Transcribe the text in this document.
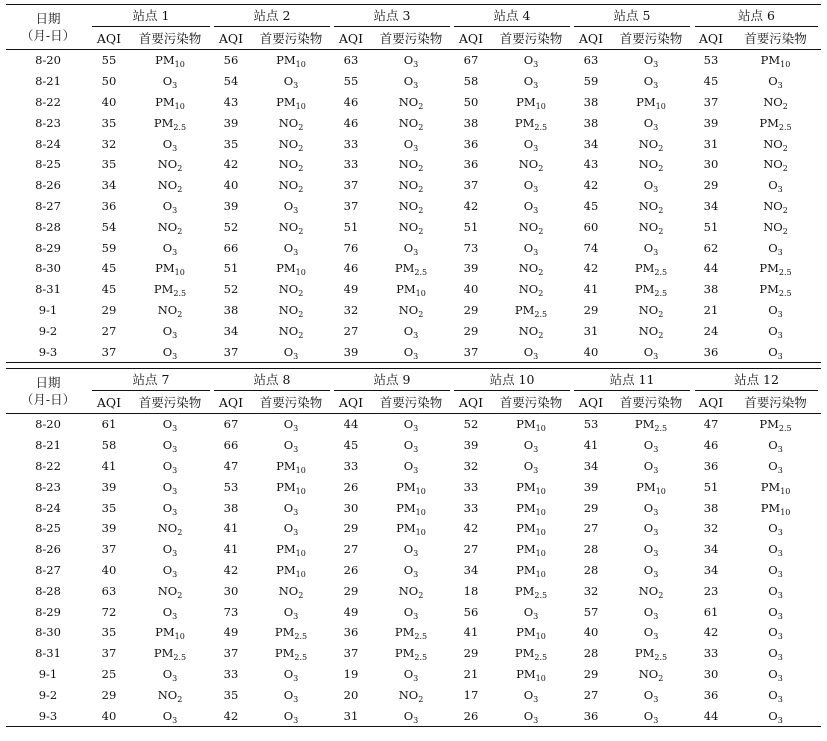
日期
（月-日）	站点 1		站点 2		站点 3		站点 4		站点 5		站点 6	
	AQI	首要污染物	AQI	首要污染物	AQI	首要污染物	AQI	首要污染物	AQI	首要污染物	AQI	首要污染物
8-20	55	$PM_{10}$	56	$PM_{10}$	63	$O_3$	67	$O_3$	63	$O_3$	53	$PM_{10}$
8-21	50	$O_3$	54	$O_3$	55	$O_3$	58	$O_3$	59	$O_3$	45	$O_3$
8-22	40	$PM_{10}$	43	$PM_{10}$	46	$NO_2$	50	$PM_{10}$	38	$PM_{10}$	37	$NO_2$
8-23	35	$PM_{2.5}$	39	$NO_2$	46	$NO_2$	38	$PM_{2.5}$	38	$O_3$	39	$PM_{2.5}$
8-24	32	$O_3$	35	$NO_2$	33	$O_3$	36	$O_3$	34	$NO_2$	31	$NO_2$
8-25	35	$NO_2$	42	$NO_2$	33	$NO_2$	36	$NO_2$	43	$NO_2$	30	$NO_2$
8-26	34	$NO_2$	40	$NO_2$	37	$NO_2$	37	$O_3$	42	$O_3$	29	$O_3$
8-27	36	$O_3$	39	$O_3$	37	$NO_2$	42	$O_3$	45	$NO_2$	34	$NO_2$
8-28	54	$NO_2$	52	$NO_2$	51	$NO_2$	51	$NO_2$	60	$NO_2$	51	$NO_2$
8-29	59	$O_3$	66	$O_3$	76	$O_3$	73	$O_3$	74	$O_3$	62	$O_3$
8-30	45	$PM_{10}$	51	$PM_{10}$	46	$PM_{2.5}$	39	$NO_2$	42	$PM_{2.5}$	44	$PM_{2.5}$
8-31	45	$PM_{2.5}$	52	$NO_2$	49	$PM_{10}$	40	$NO_2$	41	$PM_{2.5}$	38	$PM_{2.5}$
9-1	29	$NO_2$	38	$NO_2$	32	$NO_2$	29	$PM_{2.5}$	29	$NO_2$	21	$O_3$
9-2	27	$O_3$	34	$NO_2$	27	$O_3$	29	$NO_2$	31	$NO_2$	24	$O_3$
9-3	37	$O_3$	37	$O_3$	39	$O_3$	37	$O_3$	40	$O_3$	36	$O_3$
日期
（月-日）	站点 7		站点 8		站点 9		站点 10		站点 11		站点 12	
	AQI	首要污染物	AQI	首要污染物	AQI	首要污染物	AQI	首要污染物	AQI	首要污染物	AQI	首要污染物
8-20	61	$O_3$	67	$O_3$	44	$O_3$	52	$PM_{10}$	53	$PM_{2.5}$	47	$PM_{2.5}$
8-21	58	$O_3$	66	$O_3$	45	$O_3$	39	$O_3$	41	$O_3$	46	$O_3$
8-22	41	$O_3$	47	$PM_{10}$	33	$O_3$	32	$O_3$	34	$O_3$	36	$O_3$
8-23	39	$O_3$	53	$PM_{10}$	26	$PM_{10}$	33	$PM_{10}$	39	$PM_{10}$	51	$PM_{10}$
8-24	35	$O_3$	38	$O_3$	30	$PM_{10}$	33	$PM_{10}$	29	$O_3$	38	$PM_{10}$
8-25	39	$NO_2$	41	$O_3$	29	$PM_{10}$	42	$PM_{10}$	27	$O_3$	32	$O_3$
8-26	37	$O_3$	41	$PM_{10}$	27	$O_3$	27	$PM_{10}$	28	$O_3$	34	$O_3$
8-27	40	$O_3$	42	$PM_{10}$	26	$O_3$	34	$PM_{10}$	28	$O_3$	34	$O_3$
8-28	63	$NO_2$	30	$NO_2$	29	$NO_2$	18	$PM_{2.5}$	32	$NO_2$	23	$O_3$
8-29	72	$O_3$	73	$O_3$	49	$O_3$	56	$O_3$	57	$O_3$	61	$O_3$
8-30	35	$PM_{10}$	49	$PM_{2.5}$	36	$PM_{2.5}$	41	$PM_{10}$	40	$O_3$	42	$O_3$
8-31	37	$PM_{2.5}$	37	$PM_{2.5}$	37	$PM_{2.5}$	29	$PM_{2.5}$	28	$PM_{2.5}$	33	$O_3$
9-1	25	$O_3$	33	$O_3$	19	$O_3$	21	$PM_{10}$	29	$NO_2$	30	$O_3$
9-2	29	$NO_2$	35	$O_3$	20	$NO_2$	17	$O_3$	27	$O_3$	36	$O_3$
9-3	40	$O_3$	42	$O_3$	31	$O_3$	26	$O_3$	36	$O_3$	44	$O_3$
